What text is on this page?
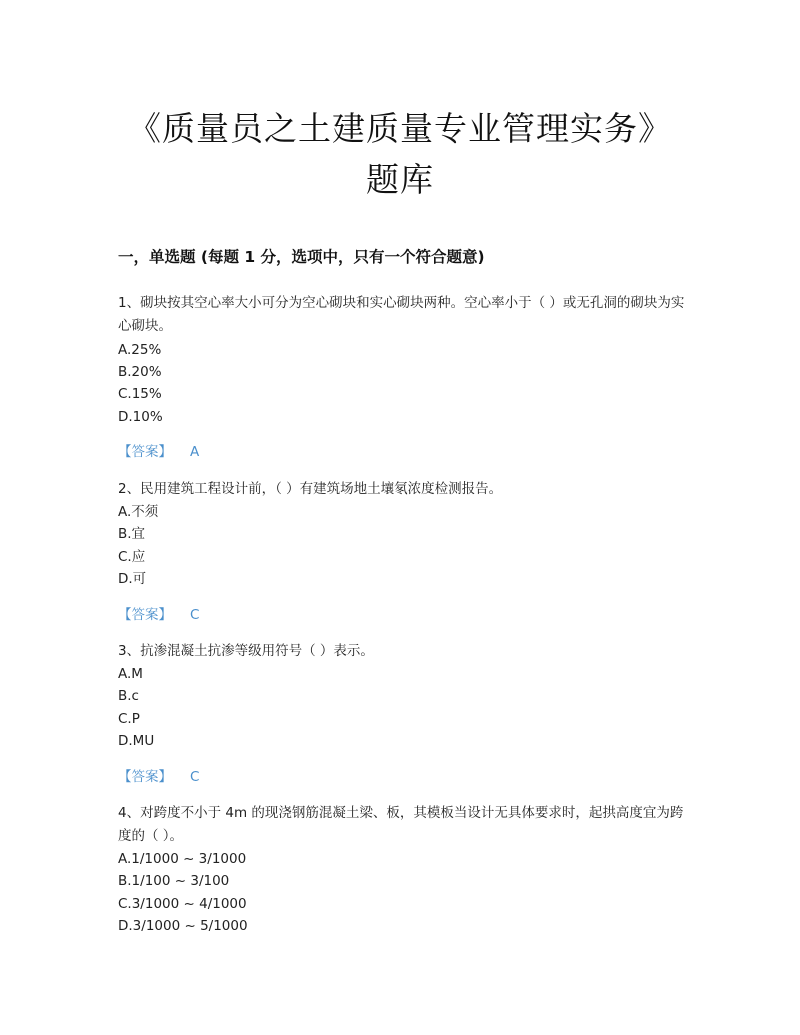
《质量员之土建质量专业管理实务》
题库
一，单选题 (每题 1 分，选项中，只有一个符合题意)
1、砌块按其空心率大小可分为空心砌块和实心砌块两种。空心率小于（ ）或无孔洞的砌块为实心砌块。
A.25%
B.20%
C.15%
D.10%
【答案】 A
2、民用建筑工程设计前，（ ）有建筑场地土壤氡浓度检测报告。
A.不须
B.宜
C.应
D.可
【答案】 C
3、抗渗混凝土抗渗等级用符号（ ）表示。
A.M
B.c
C.P
D.MU
【答案】 C
4、对跨度不小于 4m 的现浇钢筋混凝土梁、板，其模板当设计无具体要求时，起拱高度宜为跨度的（ ）。
A.1/1000 ~ 3/1000
B.1/100 ~ 3/100
C.3/1000 ~ 4/1000
D.3/1000 ~ 5/1000
